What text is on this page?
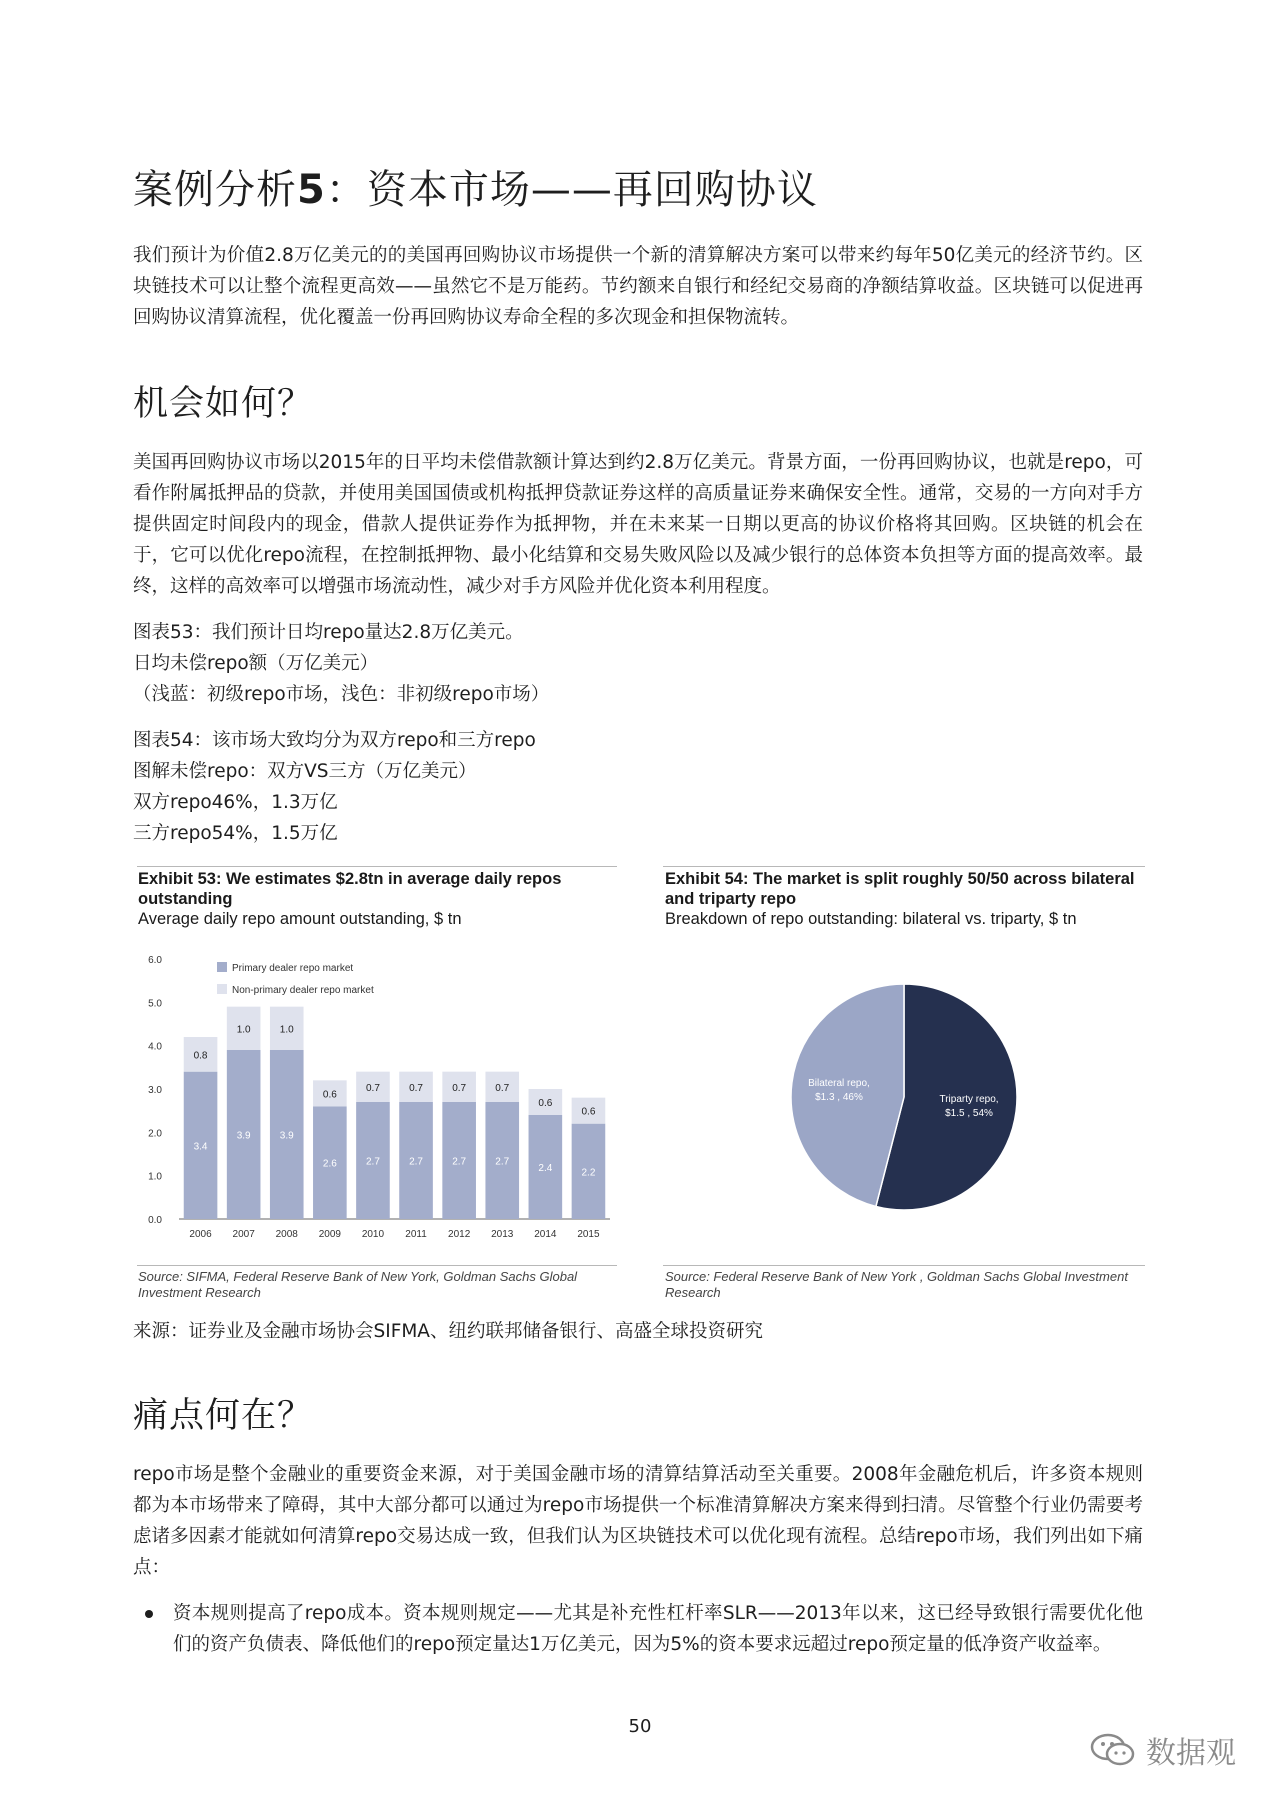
案例分析5：资本市场——再回购协议

我们预计为价值2.8万亿美元的的美国再回购协议市场提供一个新的清算解决方案可以带来约每年50亿美元的经济节约。区块链技术可以让整个流程更高效——虽然它不是万能药。节约额来自银行和经纪交易商的净额结算收益。区块链可以促进再回购协议清算流程，优化覆盖一份再回购协议寿命全程的多次现金和担保物流转。

机会如何？

美国再回购协议市场以2015年的日平均未偿借款额计算达到约2.8万亿美元。背景方面，一份再回购协议，也就是repo，可看作附属抵押品的贷款，并使用美国国债或机构抵押贷款证券这样的高质量证券来确保安全性。通常，交易的一方向对手方提供固定时间段内的现金，借款人提供证券作为抵押物，并在未来某一日期以更高的协议价格将其回购。区块链的机会在于，它可以优化repo流程，在控制抵押物、最小化结算和交易失败风险以及减少银行的总体资本负担等方面的提高效率。最终，这样的高效率可以增强市场流动性，减少对手方风险并优化资本利用程度。

图表53：我们预计日均repo量达2.8万亿美元。
日均未偿repo额（万亿美元）
（浅蓝：初级repo市场，浅色：非初级repo市场）
图表54：该市场大致均分为双方repo和三方repo
图解未偿repo：双方VS三方（万亿美元）
双方repo46%，1.3万亿
三方repo54%，1.5万亿
Exhibit 53: We estimates $2.8tn in average daily repos outstanding
Average daily repo amount outstanding, $ tn
0.0
1.0
2.0
3.0
4.0
5.0
6.0
3.4
0.8
2006
3.9
1.0
2007
3.9
1.0
2008
2.6
0.6
2009
2.7
0.7
2010
2.7
0.7
2011
2.7
0.7
2012
2.7
0.7
2013
2.4
0.6
2014
2.2
0.6
2015
Primary dealer repo market
Non-primary dealer repo market
Source: SIFMA, Federal Reserve Bank of New York, Goldman Sachs Global Investment Research
Exhibit 54: The market is split roughly 50/50 across bilateral and triparty repo
Breakdown of repo outstanding: bilateral vs. triparty, $ tn
Triparty repo,
$1.5 , 54%
Bilateral repo,
$1.3 , 46%
Source: Federal Reserve Bank of New York , Goldman Sachs Global Investment Research
来源：证券业及金融市场协会SIFMA、纽约联邦储备银行、高盛全球投资研究
痛点何在？

repo市场是整个金融业的重要资金来源，对于美国金融市场的清算结算活动至关重要。2008年金融危机后，许多资本规则都为本市场带来了障碍，其中大部分都可以通过为repo市场提供一个标准清算解决方案来得到扫清。尽管整个行业仍需要考虑诸多因素才能就如何清算repo交易达成一致，但我们认为区块链技术可以优化现有流程。总结repo市场，我们列出如下痛点：

资本规则提高了repo成本。资本规则规定——尤其是补充性杠杆率SLR——2013年以来，这已经导致银行需要优化他们的资产负债表、降低他们的repo预定量达1万亿美元，因为5%的资本要求远超过repo预定量的低净资产收益率。
50
数据观
